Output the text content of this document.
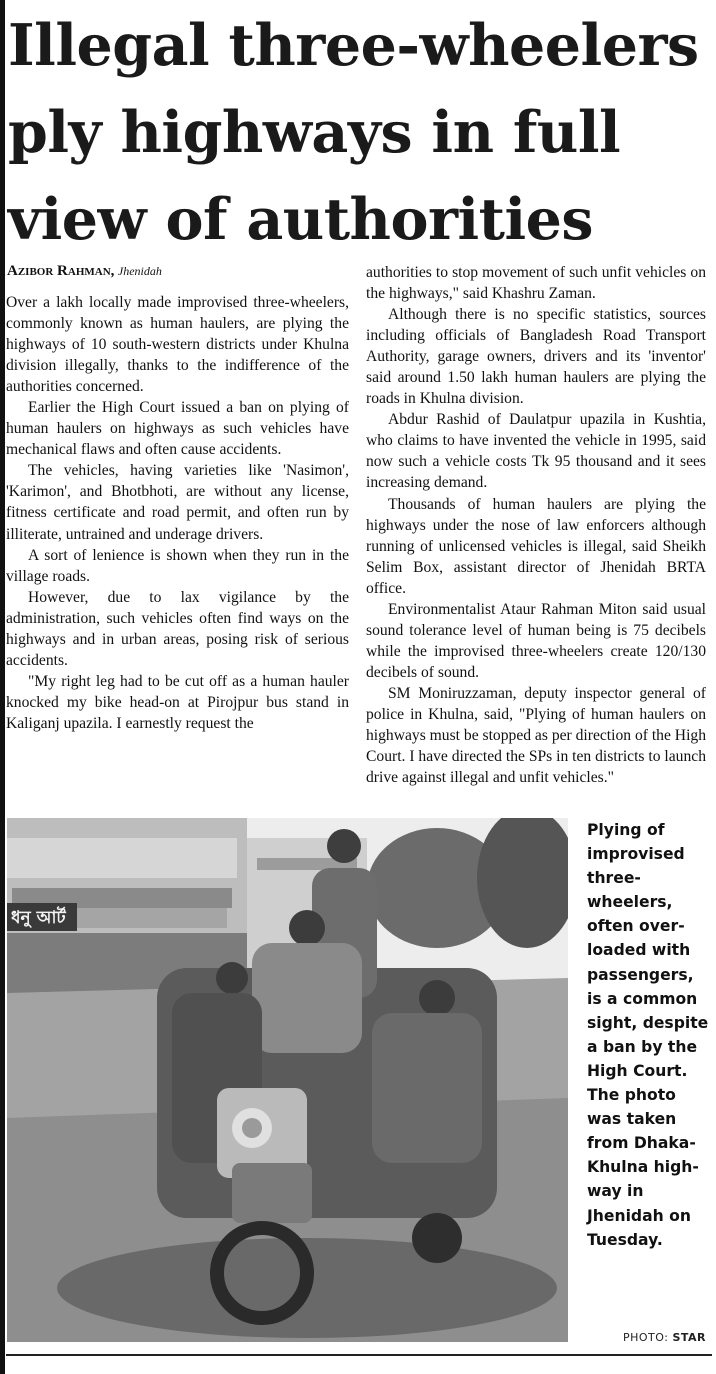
Illegal three-wheelers ply highways in full view of authorities
Azibor Rahman, Jhenidah

Over a lakh locally made improvised three-wheelers, commonly known as human haulers, are plying the highways of 10 south-western districts under Khulna division illegally, thanks to the indifference of the authorities concerned.

Earlier the High Court issued a ban on plying of human haulers on highways as such vehicles have mechanical flaws and often cause accidents.

The vehicles, having varieties like 'Nasimon', 'Karimon', and Bhotbhoti, are without any license, fitness certificate and road permit, and often run by illiterate, untrained and underage drivers.

A sort of lenience is shown when they run in the village roads.

However, due to lax vigilance by the administration, such vehicles often find ways on the highways and in urban areas, posing risk of serious accidents.

"My right leg had to be cut off as a human hauler knocked my bike head-on at Pirojpur bus stand in Kaliganj upazila. I earnestly request the

authorities to stop movement of such unfit vehicles on the highways," said Khashru Zaman.

Although there is no specific statistics, sources including officials of Bangladesh Road Transport Authority, garage owners, drivers and its 'inventor' said around 1.50 lakh human haulers are plying the roads in Khulna division.

Abdur Rashid of Daulatpur upazila in Kushtia, who claims to have invented the vehicle in 1995, said now such a vehicle costs Tk 95 thousand and it sees increasing demand.

Thousands of human haulers are plying the highways under the nose of law enforcers although running of unlicensed vehicles is illegal, said Sheikh Selim Box, assistant director of Jhenidah BRTA office.

Environmentalist Ataur Rahman Miton said usual sound tolerance level of human being is 75 decibels while the improvised three-wheelers create 120/130 decibels of sound.

SM Moniruzzaman, deputy inspector general of police in Khulna, said, "Plying of human haulers on highways must be stopped as per direction of the High Court. I have directed the SPs in ten districts to launch drive against illegal and unfit vehicles."

ধনু আর্ট
Plying of improvised three-wheelers, often over-loaded with passengers, is a common sight, despite a ban by the High Court. The photo was taken from Dhaka-Khulna high-way in Jhenidah on Tuesday.
PHOTO: STAR
